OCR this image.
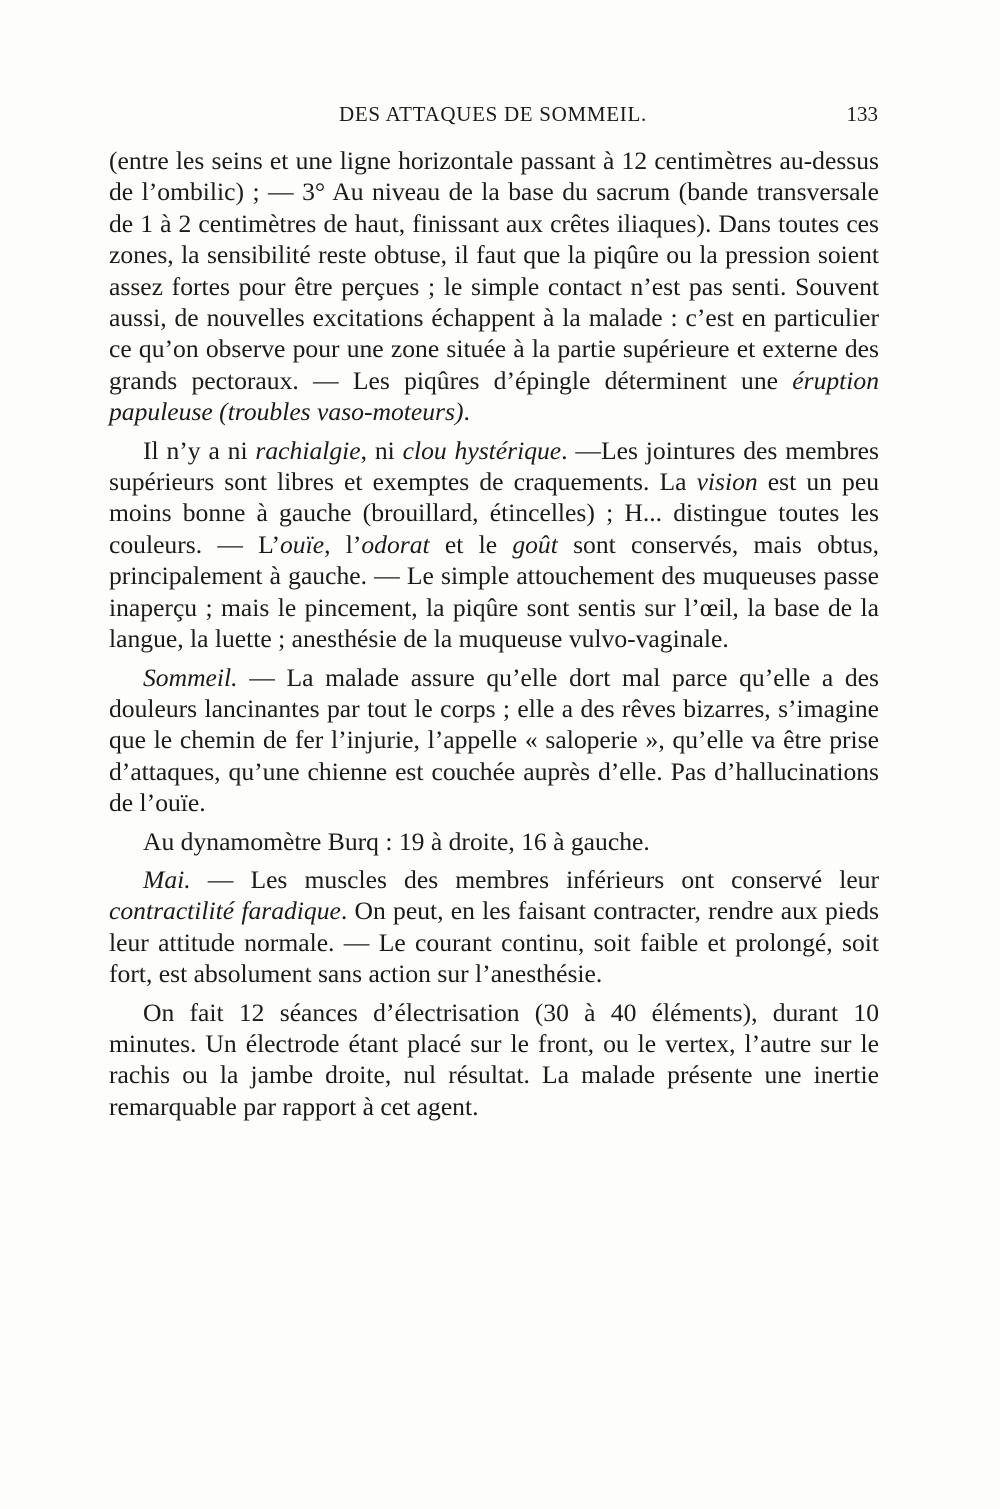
DES ATTAQUES DE SOMMEIL.	133

(entre les seins et une ligne horizontale passant à 12 centimètres au-dessus de l’ombilic) ; — 3° Au niveau de la base du sacrum (bande transversale de 1 à 2 centimètres de haut, finissant aux crêtes iliaques). Dans toutes ces zones, la sensibilité reste obtuse, il faut que la piqûre ou la pression soient assez fortes pour être perçues ; le simple contact n’est pas senti. Souvent aussi, de nouvelles excitations échappent à la malade : c’est en particulier ce qu’on observe pour une zone située à la partie supérieure et externe des grands pectoraux. — Les piqûres d’épingle déterminent une éruption papuleuse (troubles vaso-moteurs).

Il n’y a ni rachialgie, ni clou hystérique. —Les jointures des membres supérieurs sont libres et exemptes de craquements. La vision est un peu moins bonne à gauche (brouillard, étincelles) ; H... distingue toutes les couleurs. — L’ouïe, l’odorat et le goût sont conservés, mais obtus, principalement à gauche. — Le simple attouchement des muqueuses passe inaperçu ; mais le pincement, la piqûre sont sentis sur l’œil, la base de la langue, la luette ; anesthésie de la muqueuse vulvo-vaginale.

Sommeil. — La malade assure qu’elle dort mal parce qu’elle a des douleurs lancinantes par tout le corps ; elle a des rêves bizarres, s’imagine que le chemin de fer l’injurie, l’appelle « saloperie », qu’elle va être prise d’attaques, qu’une chienne est couchée auprès d’elle. Pas d’hallucinations de l’ouïe.

Au dynamomètre Burq : 19 à droite, 16 à gauche.

Mai. — Les muscles des membres inférieurs ont conservé leur contractilité faradique. On peut, en les faisant contracter, rendre aux pieds leur attitude normale. — Le courant continu, soit faible et prolongé, soit fort, est absolument sans action sur l’anesthésie.

On fait 12 séances d’électrisation (30 à 40 éléments), durant 10 minutes. Un électrode étant placé sur le front, ou le vertex, l’autre sur le rachis ou la jambe droite, nul résultat. La malade présente une inertie remarquable par rapport à cet agent.
